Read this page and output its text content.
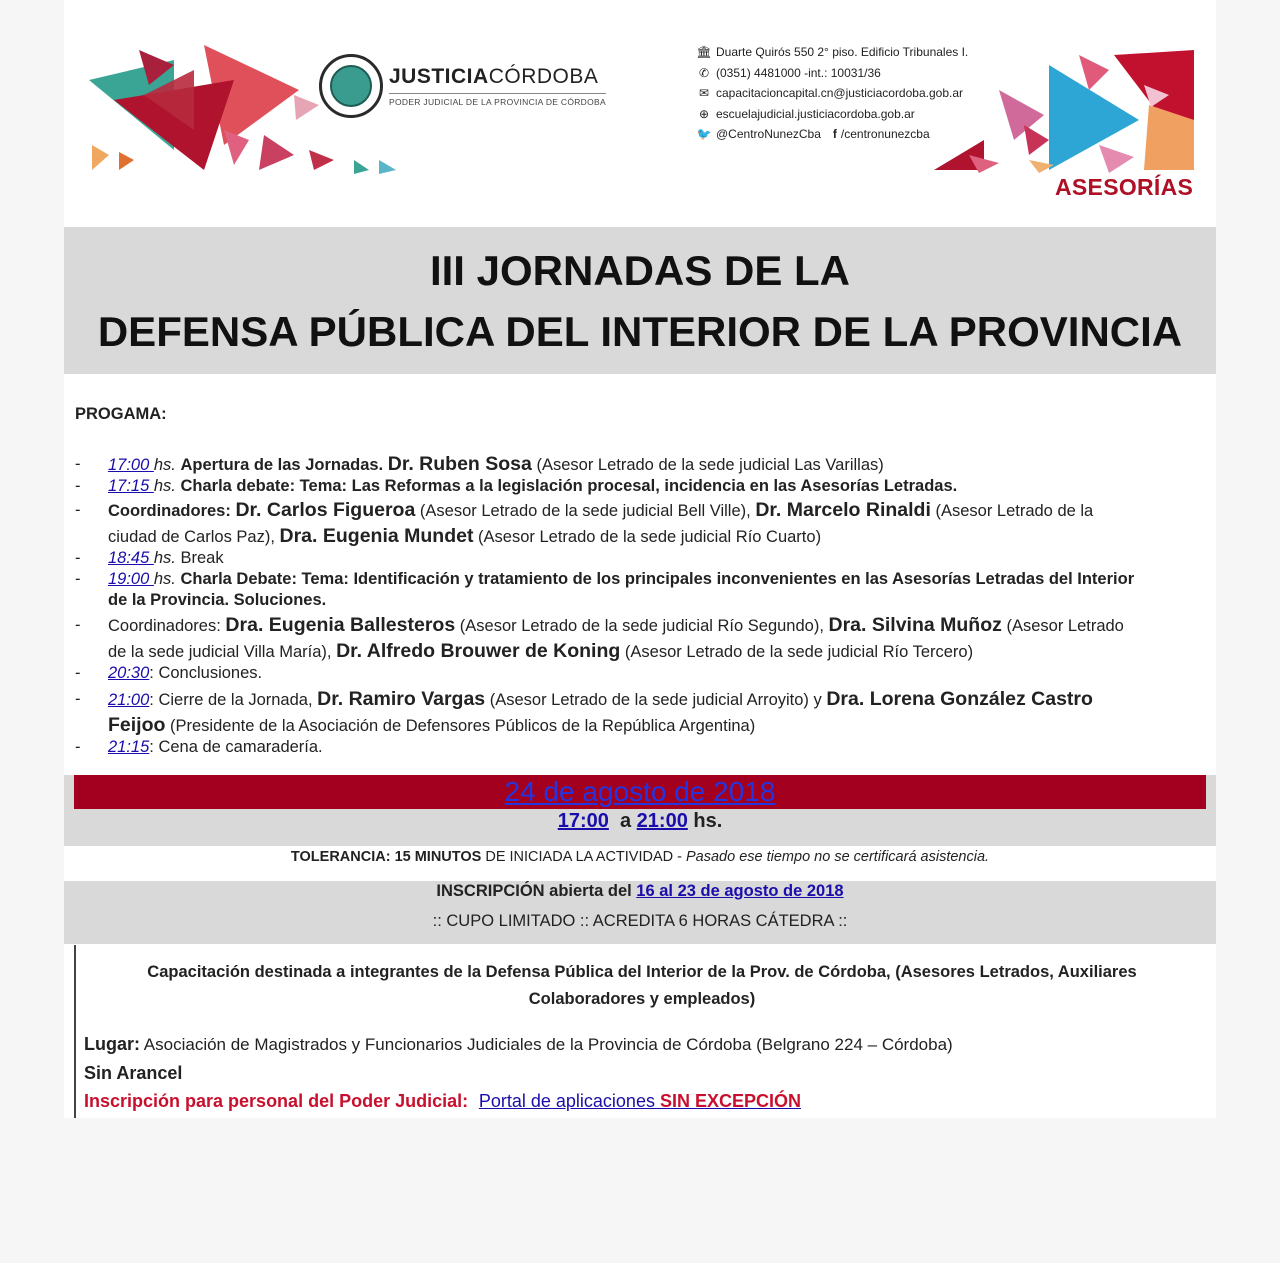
JUSTICIACÓRDOBA
PODER JUDICIAL DE LA PROVINCIA DE CÓRDOBA
🏛 Duarte Quirós 550 2° piso. Edificio Tribunales I.
✆ (0351) 4481000 -int.: 10031/36
✉ capacitacioncapital.cn@justiciacordoba.gob.ar
⊕ escuelajudicial.justiciacordoba.gob.ar
🐦 @CentroNunezCba f /centronunezcba
ASESORÍAS
III JORNADAS DE LA
DEFENSA PÚBLICA DEL INTERIOR DE LA PROVINCIA
PROGAMA:
- 17:00 hs. Apertura de las Jornadas. Dr. Ruben Sosa (Asesor Letrado de la sede judicial Las Varillas)
- 17:15 hs. Charla debate: Tema: Las Reformas a la legislación procesal, incidencia en las Asesorías Letradas.
- Coordinadores: Dr. Carlos Figueroa (Asesor Letrado de la sede judicial Bell Ville), Dr. Marcelo Rinaldi (Asesor Letrado de la
ciudad de Carlos Paz), Dra. Eugenia Mundet (Asesor Letrado de la sede judicial Río Cuarto)
- 18:45 hs. Break
- 19:00 hs. Charla Debate: Tema: Identificación y tratamiento de los principales inconvenientes en las Asesorías Letradas del Interior
de la Provincia. Soluciones.
- Coordinadores: Dra. Eugenia Ballesteros (Asesor Letrado de la sede judicial Río Segundo), Dra. Silvina Muñoz (Asesor Letrado
de la sede judicial Villa María), Dr. Alfredo Brouwer de Koning (Asesor Letrado de la sede judicial Río Tercero)
- 20:30: Conclusiones.
- 21:00: Cierre de la Jornada, Dr. Ramiro Vargas (Asesor Letrado de la sede judicial Arroyito) y Dra. Lorena González Castro
Feijoo (Presidente de la Asociación de Defensores Públicos de la República Argentina)
- 21:15: Cena de camaradería.
24 de agosto de 2018
17:00 a 21:00 hs.
TOLERANCIA: 15 MINUTOS DE INICIADA LA ACTIVIDAD - Pasado ese tiempo no se certificará asistencia.
INSCRIPCIÓN abierta del 16 al 23 de agosto de 2018
:: CUPO LIMITADO :: ACREDITA 6 HORAS CÁTEDRA ::
Capacitación destinada a integrantes de la Defensa Pública del Interior de la Prov. de Córdoba, (Asesores Letrados, Auxiliares
Colaboradores y empleados)
Lugar: Asociación de Magistrados y Funcionarios Judiciales de la Provincia de Córdoba (Belgrano 224 – Córdoba)
Sin Arancel
Inscripción para personal del Poder Judicial: Portal de aplicaciones SIN EXCEPCIÓN
